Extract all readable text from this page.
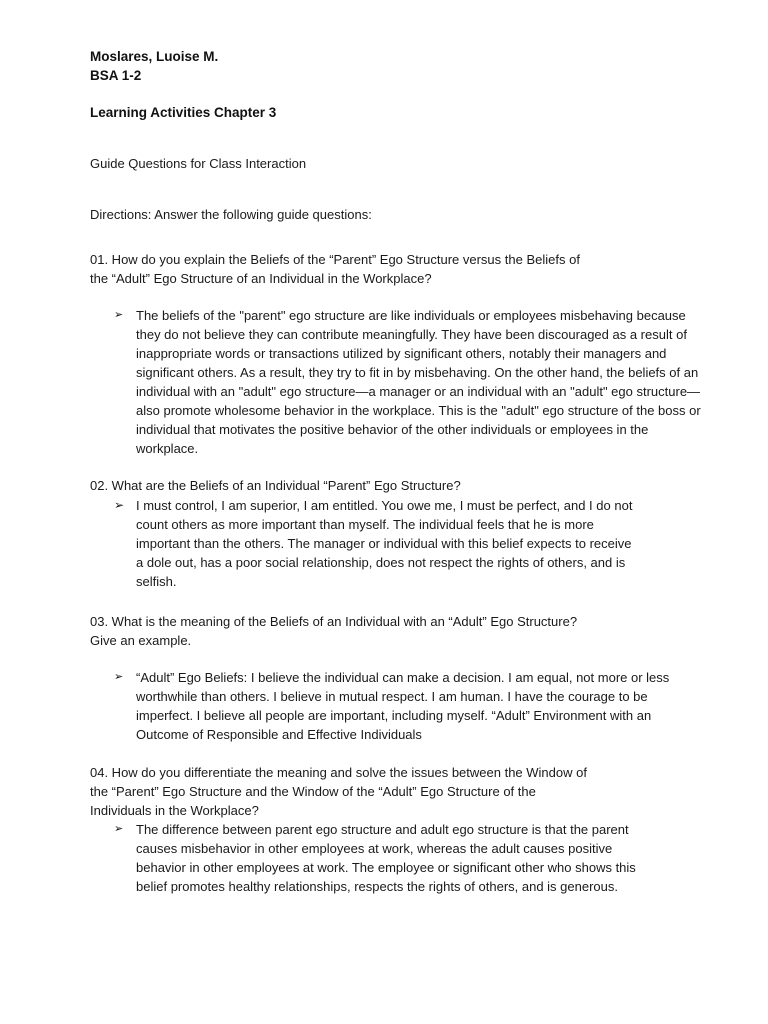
Moslares, Luoise M.

BSA 1-2

Learning Activities Chapter 3

Guide Questions for Class Interaction

Directions: Answer the following guide questions:

01. How do you explain the Beliefs of the “Parent” Ego Structure versus the Beliefs of
the “Adult” Ego Structure of an Individual in the Workplace?
➢ The beliefs of the "parent" ego structure are like individuals or employees misbehaving because they do not believe they can contribute meaningfully. They have been discouraged as a result of inappropriate words or transactions utilized by significant others, notably their managers and significant others. As a result, they try to fit in by misbehaving. On the other hand, the beliefs of an individual with an "adult" ego structure—a manager or an individual with an "adult" ego structure—also promote wholesome behavior in the workplace. This is the "adult" ego structure of the boss or individual that motivates the positive behavior of the other individuals or employees in the workplace.
02. What are the Beliefs of an Individual “Parent” Ego Structure?
➢ I must control, I am superior, I am entitled. You owe me, I must be perfect, and I do not count others as more important than myself. The individual feels that he is more important than the others. The manager or individual with this belief expects to receive a dole out, has a poor social relationship, does not respect the rights of others, and is selfish.
03. What is the meaning of the Beliefs of an Individual with an “Adult” Ego Structure?
Give an example.
➢ “Adult” Ego Beliefs: I believe the individual can make a decision. I am equal, not more or less worthwhile than others. I believe in mutual respect. I am human. I have the courage to be imperfect. I believe all people are important, including myself. “Adult” Environment with an Outcome of Responsible and Effective Individuals
04. How do you differentiate the meaning and solve the issues between the Window of
the “Parent” Ego Structure and the Window of the “Adult” Ego Structure of the
Individuals in the Workplace?
➢ The difference between parent ego structure and adult ego structure is that the parent causes misbehavior in other employees at work, whereas the adult causes positive behavior in other employees at work. The employee or significant other who shows this belief promotes healthy relationships, respects the rights of others, and is generous.
